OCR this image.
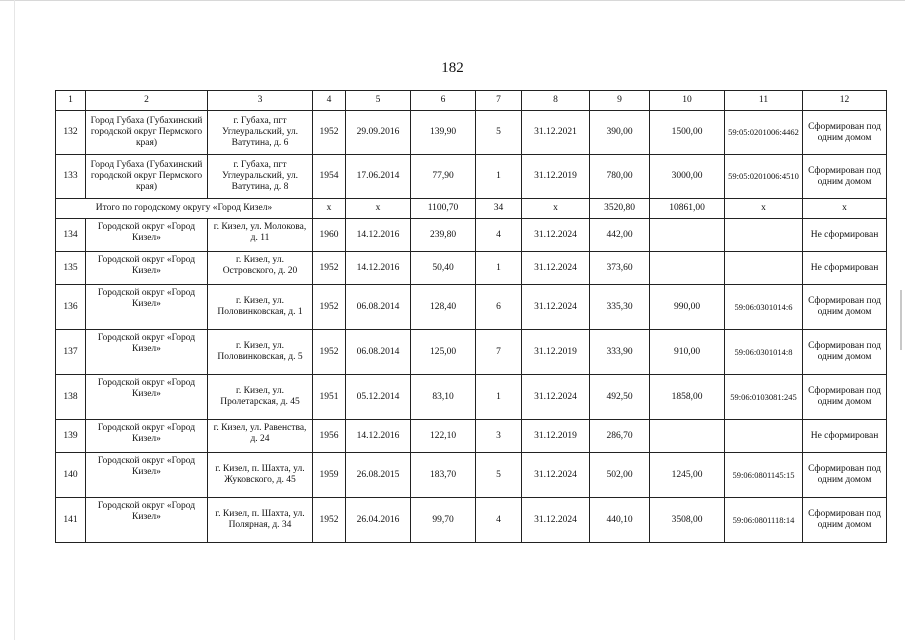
182
1	2	3	4	5	6	7	8	9	10	11	12
132	Город Губаха (Губахинский городской округ Пермского края)	г. Губаха, пгт Углеуральский, ул. Ватутина, д. 6	1952	29.09.2016	139,90	5	31.12.2021	390,00	1500,00	59:05:0201006:4462	Сформирован под одним домом
133	Город Губаха (Губахинский городской округ Пермского края)	г. Губаха, пгт Углеуральский, ул. Ватутина, д. 8	1954	17.06.2014	77,90	1	31.12.2019	780,00	3000,00	59:05:0201006:4510	Сформирован под одним домом
Итого по городскому округу «Город Кизел»			x	x	1100,70	34	x	3520,80	10861,00	x	x
134	Городской округ «Город Кизел»	г. Кизел, ул. Молокова, д. 11	1960	14.12.2016	239,80	4	31.12.2024	442,00			Не сформирован
135	Городской округ «Город Кизел»	г. Кизел, ул. Островского, д. 20	1952	14.12.2016	50,40	1	31.12.2024	373,60			Не сформирован
136	Городской округ «Город Кизел»	г. Кизел, ул. Половинковская, д. 1	1952	06.08.2014	128,40	6	31.12.2024	335,30	990,00	59:06:0301014:6	Сформирован под одним домом
137	Городской округ «Город Кизел»	г. Кизел, ул. Половинковская, д. 5	1952	06.08.2014	125,00	7	31.12.2019	333,90	910,00	59:06:0301014:8	Сформирован под одним домом
138	Городской округ «Город Кизел»	г. Кизел, ул. Пролетарская, д. 45	1951	05.12.2014	83,10	1	31.12.2024	492,50	1858,00	59:06:0103081:245	Сформирован под одним домом
139	Городской округ «Город Кизел»	г. Кизел, ул. Равенства, д. 24	1956	14.12.2016	122,10	3	31.12.2019	286,70			Не сформирован
140	Городской округ «Город Кизел»	г. Кизел, п. Шахта, ул. Жуковского, д. 45	1959	26.08.2015	183,70	5	31.12.2024	502,00	1245,00	59:06:0801145:15	Сформирован под одним домом
141	Городской округ «Город Кизел»	г. Кизел, п. Шахта, ул. Полярная, д. 34	1952	26.04.2016	99,70	4	31.12.2024	440,10	3508,00	59:06:0801118:14	Сформирован под одним домом
